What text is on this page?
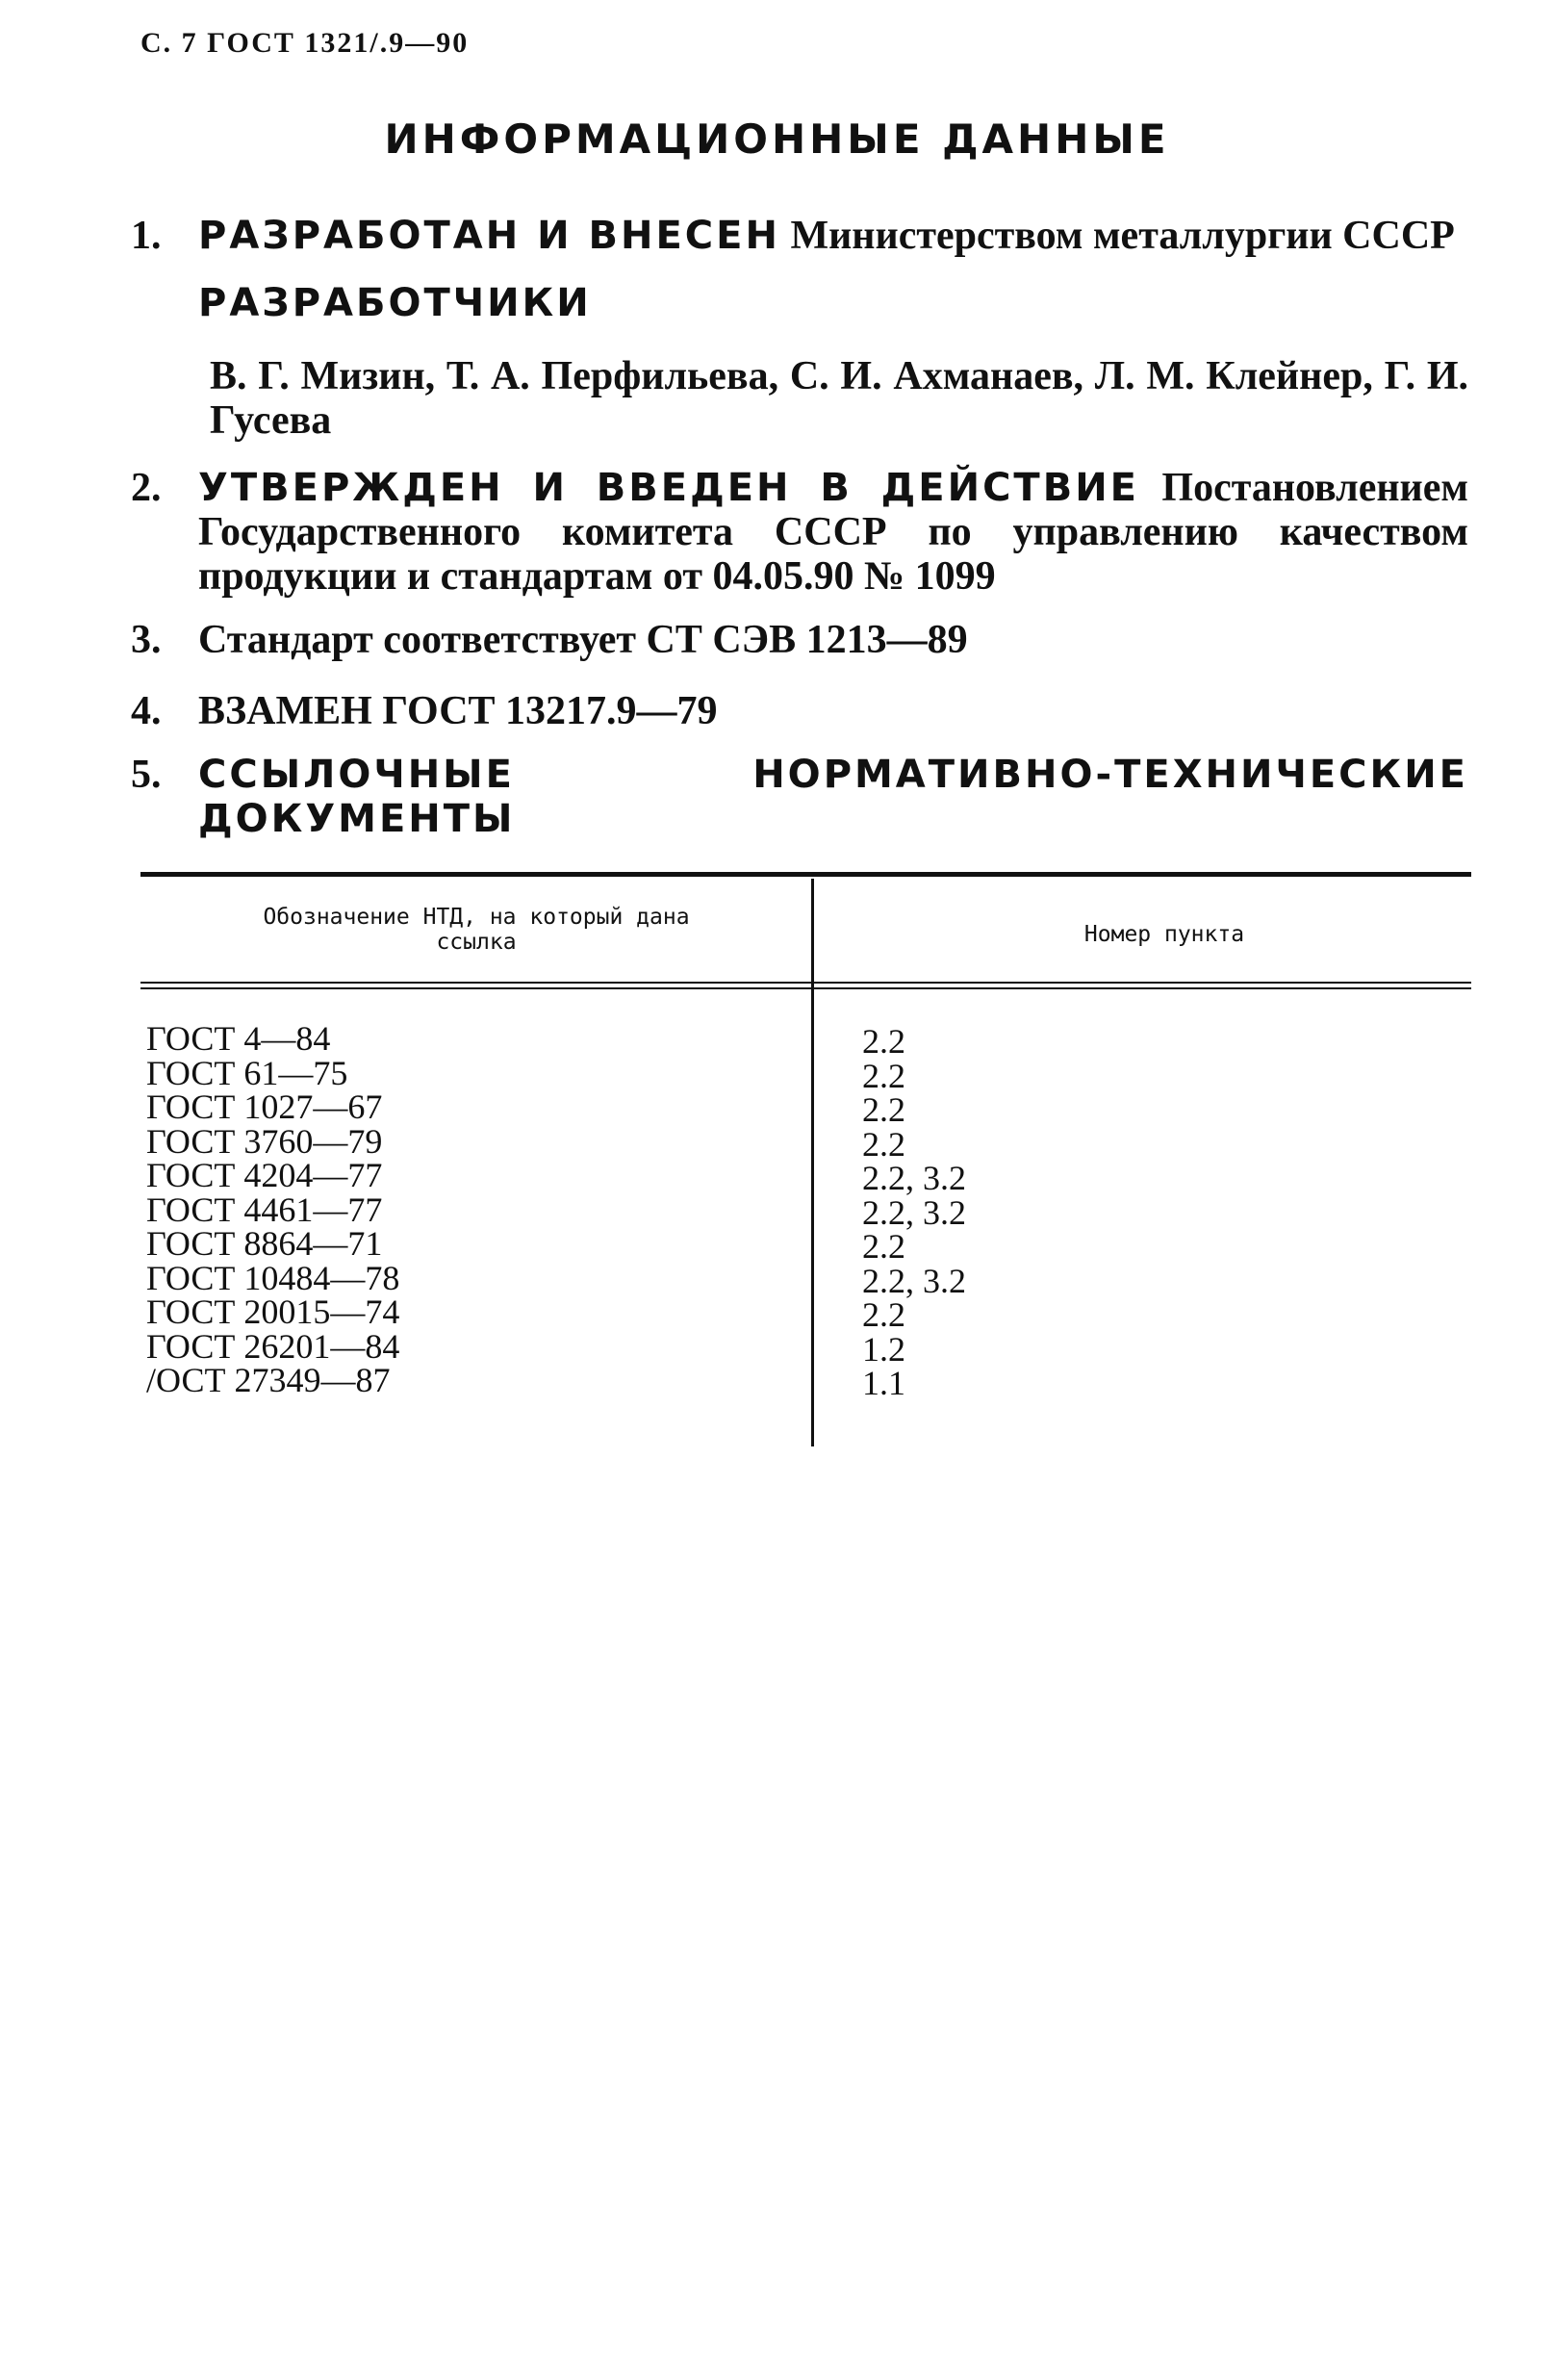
С. 7 ГОСТ 1321/.9—90
ИНФОРМАЦИОННЫЕ ДАННЫЕ
1. РАЗРАБОТАН И ВНЕСЕН Министерством металлургии СССР
РАЗРАБОТЧИКИ
В. Г. Мизин, Т. А. Перфильева, С. И. Ахманаев, Л. М. Клейнер, Г. И. Гусева
2. УТВЕРЖДЕН И ВВЕДЕН В ДЕЙСТВИЕ Постановлением Государственного комитета СССР по управлению качеством продукции и стандартам от 04.05.90 № 1099
3. Стандарт соответствует СТ СЭВ 1213—89
4. ВЗАМЕН ГОСТ 13217.9—79
5. ССЫЛОЧНЫЕ НОРМАТИВНО-ТЕХНИЧЕСКИЕ ДОКУМЕНТЫ
Обозначение НТД, на который дана ссылка	Номер пункта
ГОСТ 4—84	2.2
ГОСТ 61—75	2.2
ГОСТ 1027—67	2.2
ГОСТ 3760—79	2.2
ГОСТ 4204—77	2.2, 3.2
ГОСТ 4461—77	2.2, 3.2
ГОСТ 8864—71	2.2
ГОСТ 10484—78	2.2, 3.2
ГОСТ 20015—74	2.2
ГОСТ 26201—84	1.2
/ОСТ 27349—87	1.1
